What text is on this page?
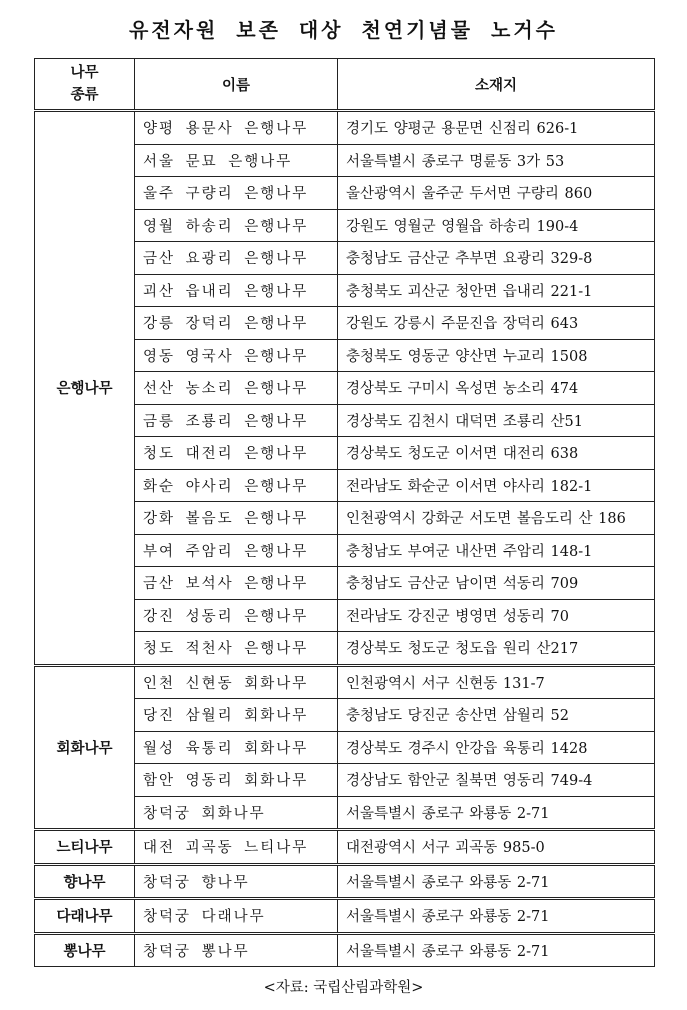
유전자원 보존 대상 천연기념물 노거수
나무
종류	이름	소재지
은행나무	양평 용문사 은행나무	경기도 양평군 용문면 신점리 626-1
	서울 문묘 은행나무	서울특별시 종로구 명륜동 3가 53
	울주 구량리 은행나무	울산광역시 울주군 두서면 구량리 860
	영월 하송리 은행나무	강원도 영월군 영월읍 하송리 190-4
	금산 요광리 은행나무	충청남도 금산군 추부면 요광리 329-8
	괴산 읍내리 은행나무	충청북도 괴산군 청안면 읍내리 221-1
	강릉 장덕리 은행나무	강원도 강릉시 주문진읍 장덕리 643
	영동 영국사 은행나무	충청북도 영동군 양산면 누교리 1508
	선산 농소리 은행나무	경상북도 구미시 옥성면 농소리 474
	금릉 조룡리 은행나무	경상북도 김천시 대덕면 조룡리 산51
	청도 대전리 은행나무	경상북도 청도군 이서면 대전리 638
	화순 야사리 은행나무	전라남도 화순군 이서면 야사리 182-1
	강화 볼음도 은행나무	인천광역시 강화군 서도면 볼음도리 산 186
	부여 주암리 은행나무	충청남도 부여군 내산면 주암리 148-1
	금산 보석사 은행나무	충청남도 금산군 남이면 석동리 709
	강진 성동리 은행나무	전라남도 강진군 병영면 성동리 70
	청도 적천사 은행나무	경상북도 청도군 청도읍 원리 산217
회화나무	인천 신현동 회화나무	인천광역시 서구 신현동 131-7
	당진 삼월리 회화나무	충청남도 당진군 송산면 삼월리 52
	월성 육통리 회화나무	경상북도 경주시 안강읍 육통리 1428
	함안 영동리 회화나무	경상남도 함안군 칠북면 영동리 749-4
	창덕궁 회화나무	서울특별시 종로구 와룡동 2-71
느티나무	대전 괴곡동 느티나무	대전광역시 서구 괴곡동 985-0
향나무	창덕궁 향나무	서울특별시 종로구 와룡동 2-71
다래나무	창덕궁 다래나무	서울특별시 종로구 와룡동 2-71
뽕나무	창덕궁 뽕나무	서울특별시 종로구 와룡동 2-71
<자료: 국립산림과학원>
